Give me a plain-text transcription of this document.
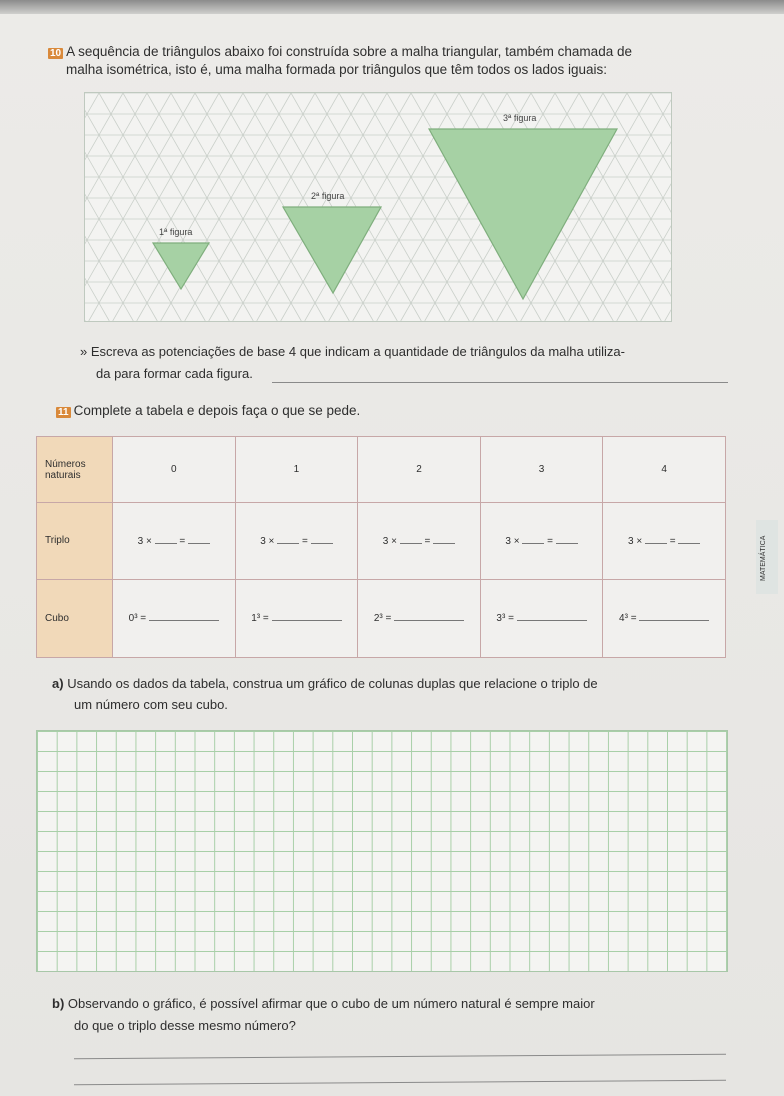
10 A sequência de triângulos abaixo foi construída sobre a malha triangular, também chamada de
malha isométrica, isto é, uma malha formada por triângulos que têm todos os lados iguais:
1ª figura
2ª figura
3ª figura
» Escreva as potenciações de base 4 que indicam a quantidade de triângulos da malha utiliza-
da para formar cada figura.
11 Complete a tabela e depois faça o que se pede.
Números naturais	0	1	2	3	4
Triplo	3 ×  =	3 ×  =	3 ×  =	3 ×  =	3 ×  =
Cubo	0³ =	1³ =	2³ =	3³ =	4³ =
MATEMÁTICA
a) Usando os dados da tabela, construa um gráfico de colunas duplas que relacione o triplo de
um número com seu cubo.
b) Observando o gráfico, é possível afirmar que o cubo de um número natural é sempre maior
do que o triplo desse mesmo número?
